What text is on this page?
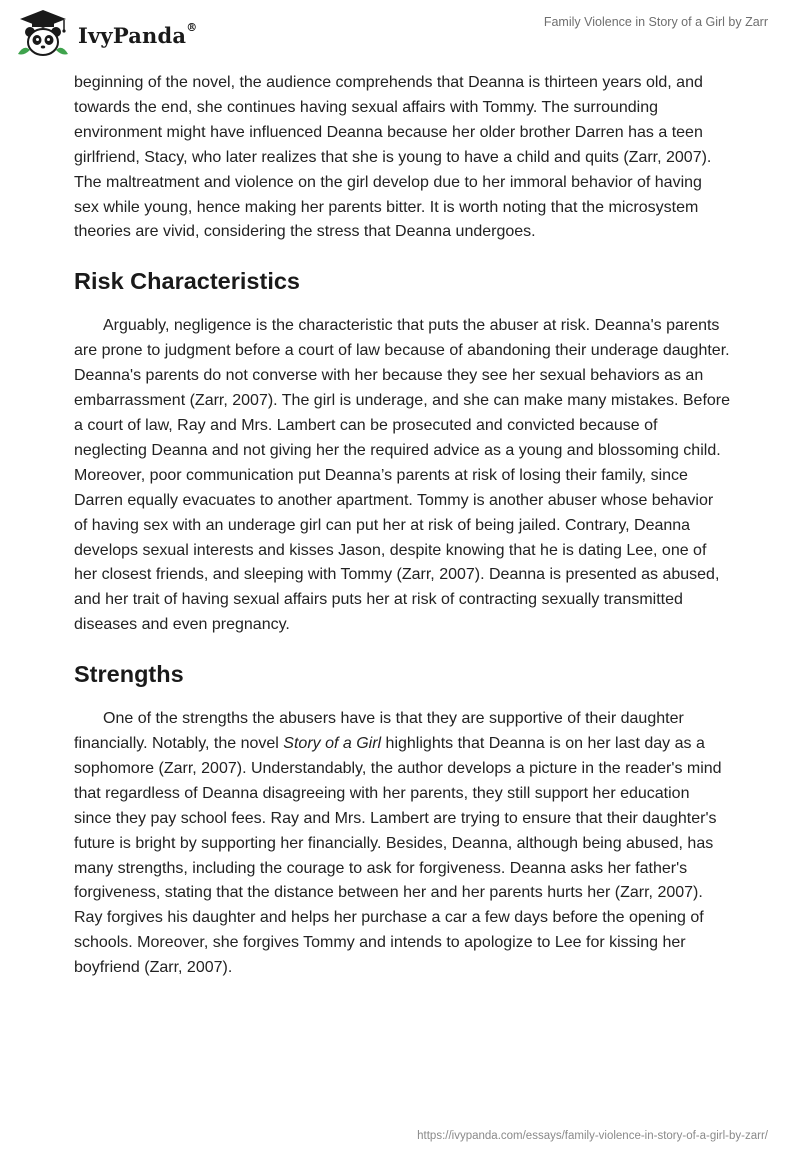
IvyPanda®	Family Violence in Story of a Girl by Zarr

beginning of the novel, the audience comprehends that Deanna is thirteen years old, and towards the end, she continues having sexual affairs with Tommy. The surrounding environment might have influenced Deanna because her older brother Darren has a teen girlfriend, Stacy, who later realizes that she is young to have a child and quits (Zarr, 2007). The maltreatment and violence on the girl develop due to her immoral behavior of having sex while young, hence making her parents bitter. It is worth noting that the microsystem theories are vivid, considering the stress that Deanna undergoes.

Risk Characteristics

Arguably, negligence is the characteristic that puts the abuser at risk. Deanna's parents are prone to judgment before a court of law because of abandoning their underage daughter. Deanna's parents do not converse with her because they see her sexual behaviors as an embarrassment (Zarr, 2007). The girl is underage, and she can make many mistakes. Before a court of law, Ray and Mrs. Lambert can be prosecuted and convicted because of neglecting Deanna and not giving her the required advice as a young and blossoming child. Moreover, poor communication put Deanna’s parents at risk of losing their family, since Darren equally evacuates to another apartment. Tommy is another abuser whose behavior of having sex with an underage girl can put her at risk of being jailed. Contrary, Deanna develops sexual interests and kisses Jason, despite knowing that he is dating Lee, one of her closest friends, and sleeping with Tommy (Zarr, 2007). Deanna is presented as abused, and her trait of having sexual affairs puts her at risk of contracting sexually transmitted diseases and even pregnancy.

Strengths

One of the strengths the abusers have is that they are supportive of their daughter financially. Notably, the novel Story of a Girl highlights that Deanna is on her last day as a sophomore (Zarr, 2007). Understandably, the author develops a picture in the reader's mind that regardless of Deanna disagreeing with her parents, they still support her education since they pay school fees. Ray and Mrs. Lambert are trying to ensure that their daughter's future is bright by supporting her financially. Besides, Deanna, although being abused, has many strengths, including the courage to ask for forgiveness. Deanna asks her father's forgiveness, stating that the distance between her and her parents hurts her (Zarr, 2007). Ray forgives his daughter and helps her purchase a car a few days before the opening of schools. Moreover, she forgives Tommy and intends to apologize to Lee for kissing her boyfriend (Zarr, 2007).

https://ivypanda.com/essays/family-violence-in-story-of-a-girl-by-zarr/
